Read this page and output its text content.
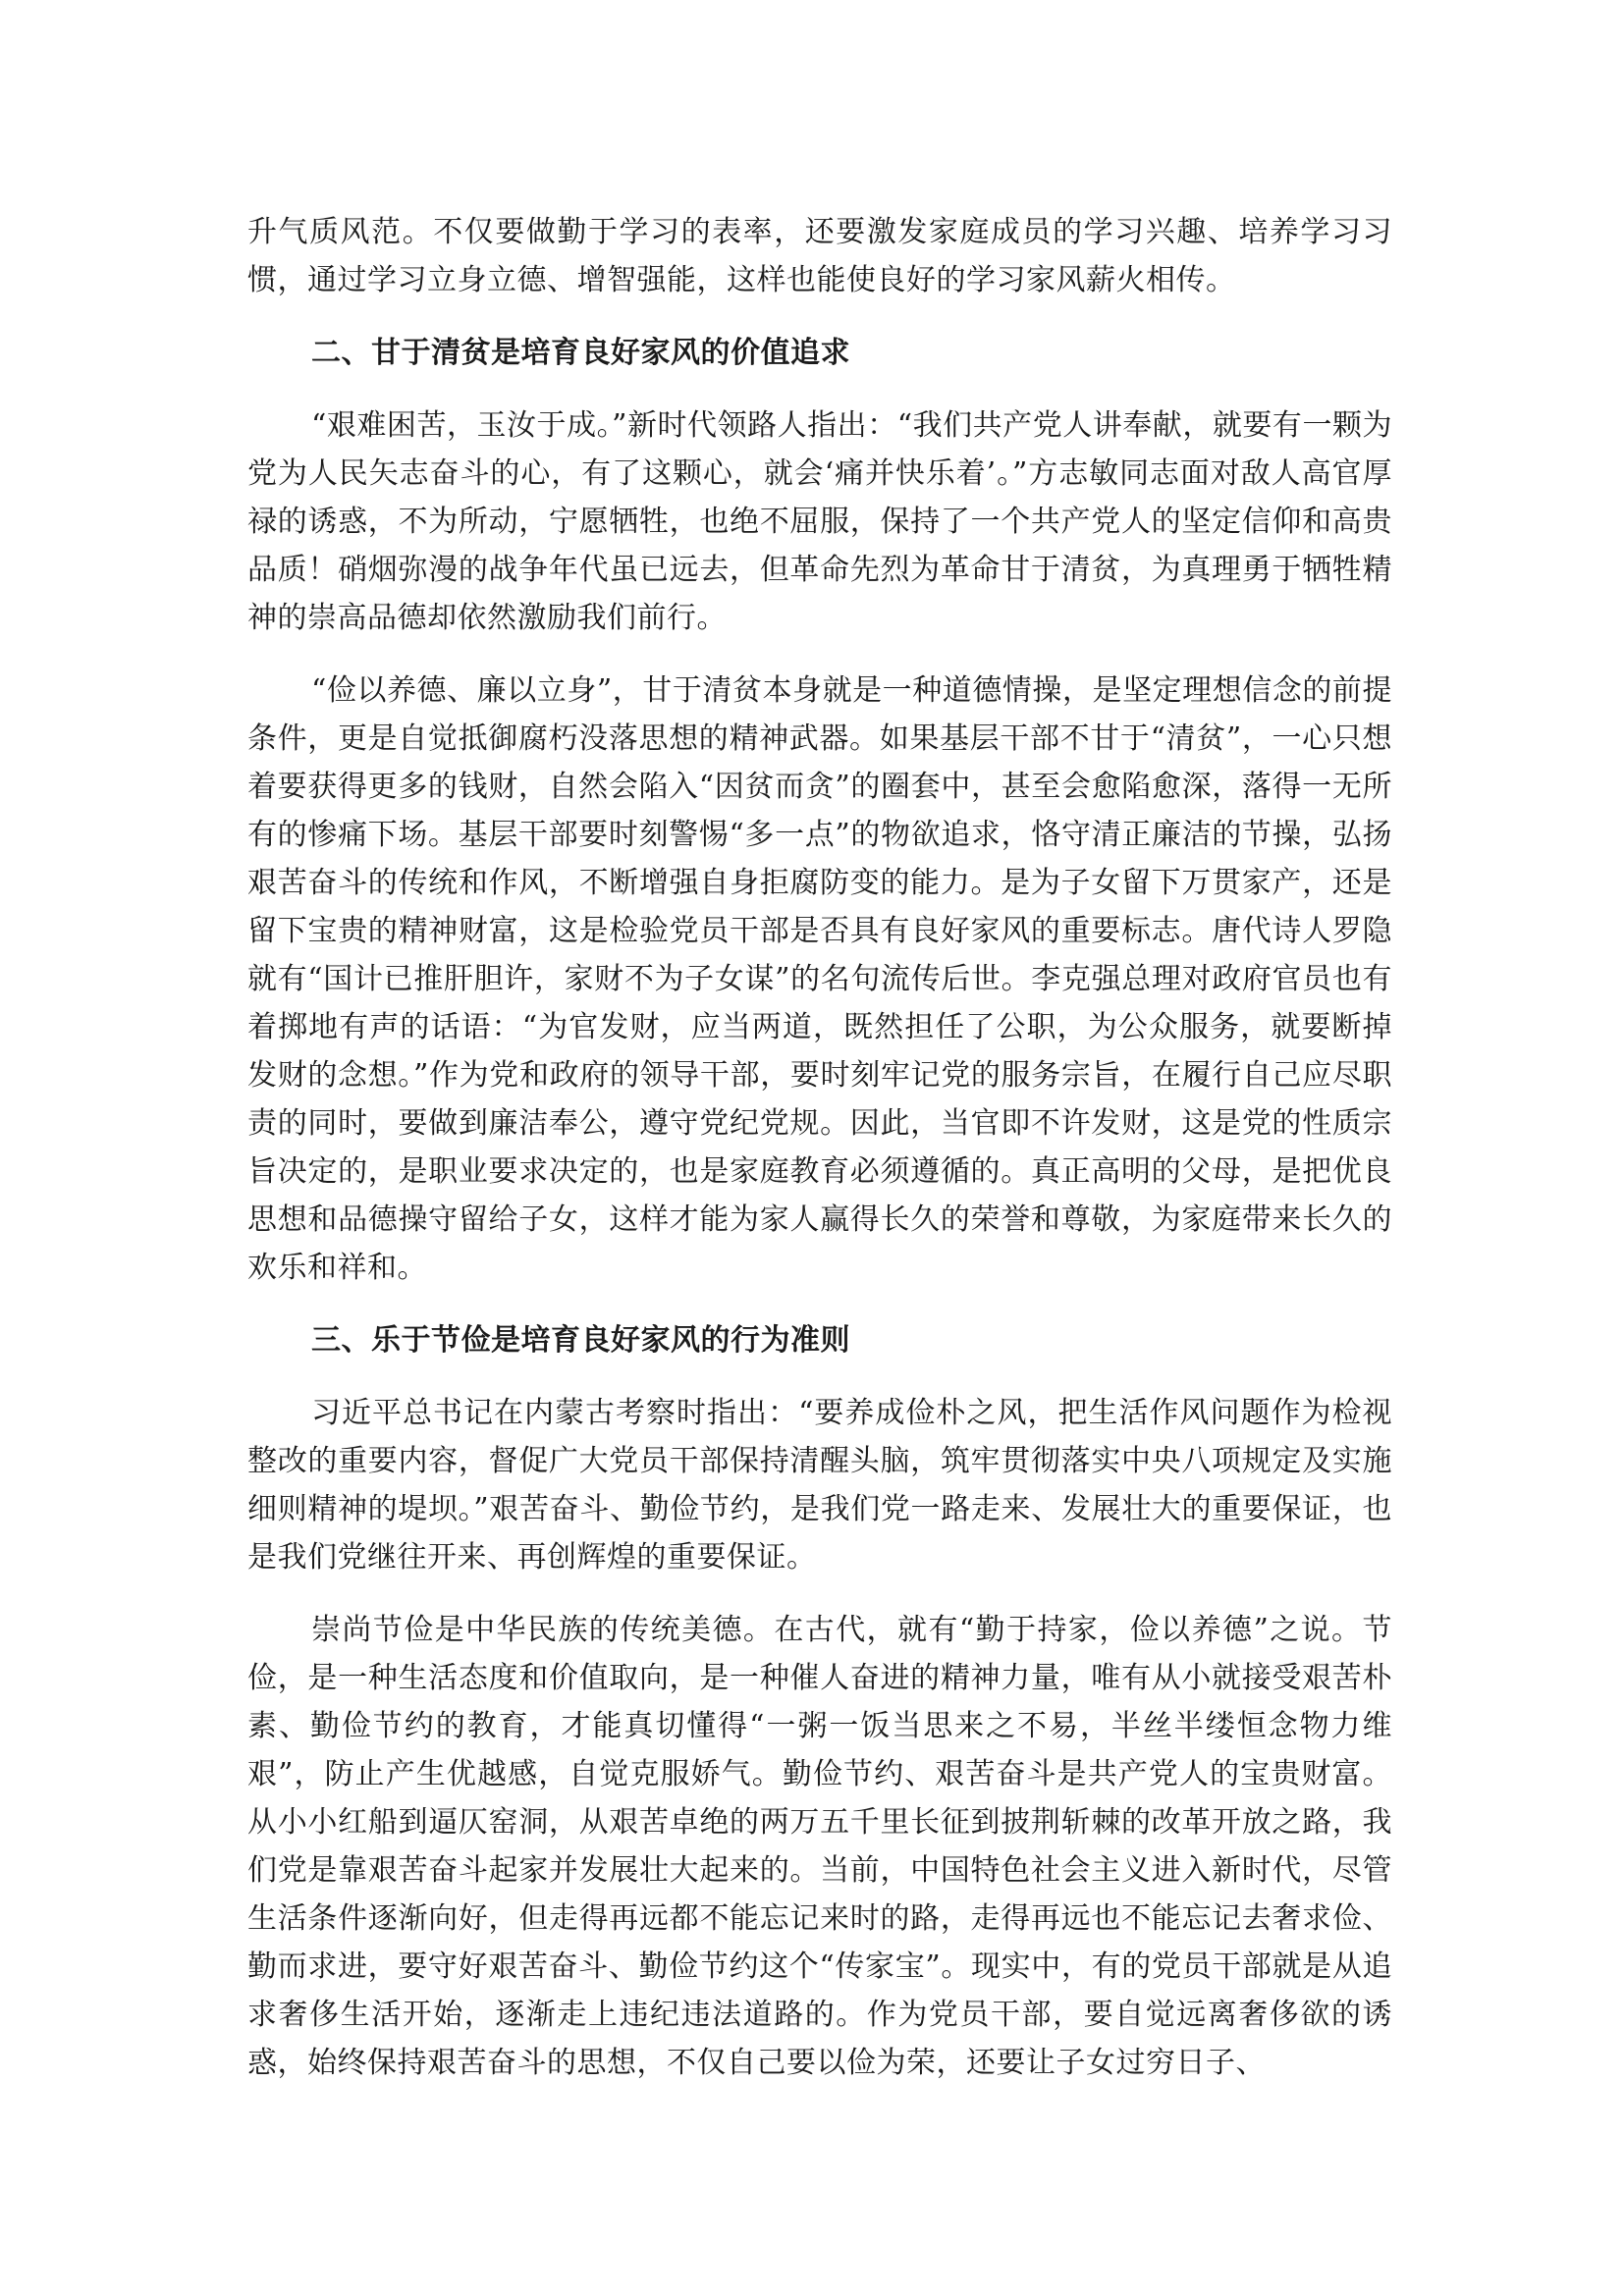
升气质风范。不仅要做勤于学习的表率，还要激发家庭成员的学习兴趣、培养学习习惯，通过学习立身立德、增智强能，这样也能使良好的学习家风薪火相传。

二、甘于清贫是培育良好家风的价值追求

“艰难困苦，玉汝于成。”新时代领路人指出：“我们共产党人讲奉献，就要有一颗为党为人民矢志奋斗的心，有了这颗心，就会‘痛并快乐着’。”方志敏同志面对敌人高官厚禄的诱惑，不为所动，宁愿牺牲，也绝不屈服，保持了一个共产党人的坚定信仰和高贵品质！硝烟弥漫的战争年代虽已远去，但革命先烈为革命甘于清贫，为真理勇于牺牲精神的崇高品德却依然激励我们前行。

“俭以养德、廉以立身”，甘于清贫本身就是一种道德情操，是坚定理想信念的前提条件，更是自觉抵御腐朽没落思想的精神武器。如果基层干部不甘于“清贫”，一心只想着要获得更多的钱财，自然会陷入“因贫而贪”的圈套中，甚至会愈陷愈深，落得一无所有的惨痛下场。基层干部要时刻警惕“多一点”的物欲追求，恪守清正廉洁的节操，弘扬艰苦奋斗的传统和作风，不断增强自身拒腐防变的能力。是为子女留下万贯家产，还是留下宝贵的精神财富，这是检验党员干部是否具有良好家风的重要标志。唐代诗人罗隐就有“国计已推肝胆许，家财不为子女谋”的名句流传后世。李克强总理对政府官员也有着掷地有声的话语：“为官发财，应当两道，既然担任了公职，为公众服务，就要断掉发财的念想。”作为党和政府的领导干部，要时刻牢记党的服务宗旨，在履行自己应尽职责的同时，要做到廉洁奉公，遵守党纪党规。因此，当官即不许发财，这是党的性质宗旨决定的，是职业要求决定的，也是家庭教育必须遵循的。真正高明的父母，是把优良思想和品德操守留给子女，这样才能为家人赢得长久的荣誉和尊敬，为家庭带来长久的欢乐和祥和。

三、乐于节俭是培育良好家风的行为准则

习近平总书记在内蒙古考察时指出：“要养成俭朴之风，把生活作风问题作为检视整改的重要内容，督促广大党员干部保持清醒头脑，筑牢贯彻落实中央八项规定及实施细则精神的堤坝。”艰苦奋斗、勤俭节约，是我们党一路走来、发展壮大的重要保证，也是我们党继往开来、再创辉煌的重要保证。

崇尚节俭是中华民族的传统美德。在古代，就有“勤于持家，俭以养德”之说。节俭，是一种生活态度和价值取向，是一种催人奋进的精神力量，唯有从小就接受艰苦朴素、勤俭节约的教育，才能真切懂得“一粥一饭当思来之不易，半丝半缕恒念物力维艰”，防止产生优越感，自觉克服娇气。勤俭节约、艰苦奋斗是共产党人的宝贵财富。从小小红船到逼仄窑洞，从艰苦卓绝的两万五千里长征到披荆斩棘的改革开放之路，我们党是靠艰苦奋斗起家并发展壮大起来的。当前，中国特色社会主义进入新时代，尽管生活条件逐渐向好，但走得再远都不能忘记来时的路，走得再远也不能忘记去奢求俭、勤而求进，要守好艰苦奋斗、勤俭节约这个“传家宝”。现实中，有的党员干部就是从追求奢侈生活开始，逐渐走上违纪违法道路的。作为党员干部，要自觉远离奢侈欲的诱惑，始终保持艰苦奋斗的思想，不仅自己要以俭为荣，还要让子女过穷日子、
